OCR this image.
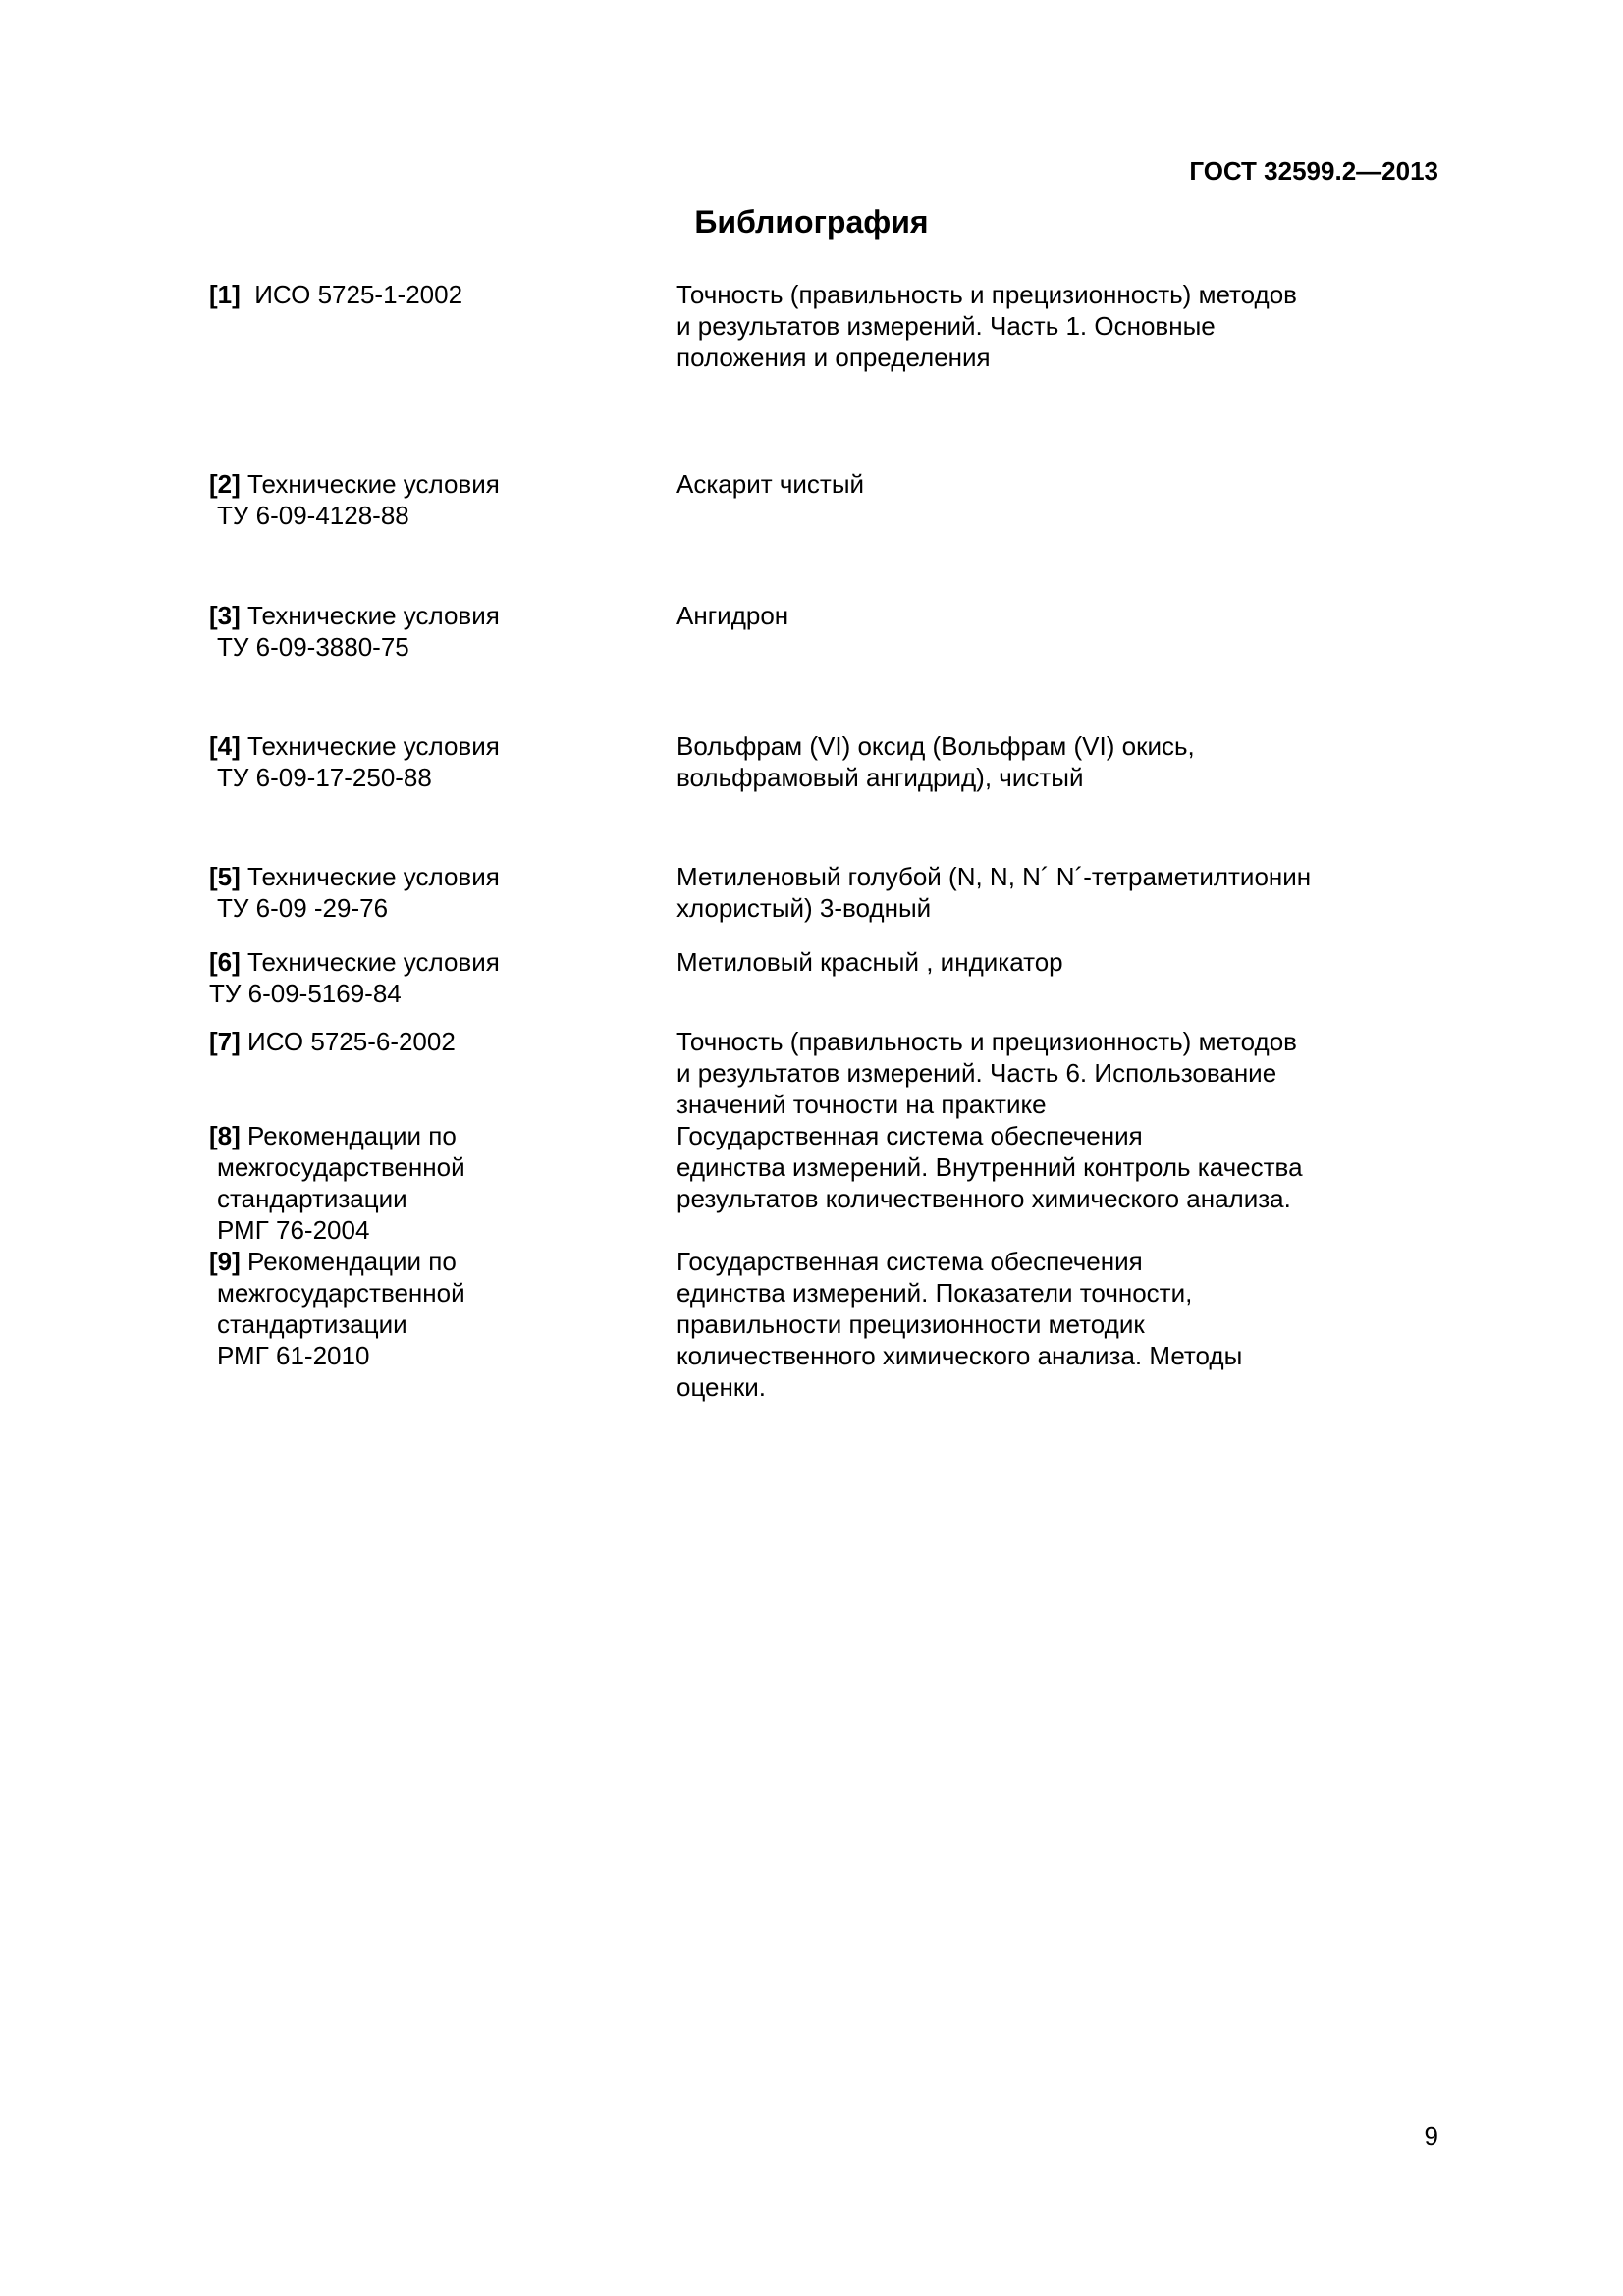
ГОСТ 32599.2—2013
Библиография
[1] ИСО 5725-1-2002	Точность (правильность и прецизионность) методов
и результатов измерений. Часть 1. Основные
положения и определения
[2] Технические условия
ТУ 6-09-4128-88
Аскарит чистый
[3] Технические условия
ТУ 6-09-3880-75
Ангидрон
[4] Технические условия
ТУ 6-09-17-250-88
Вольфрам (VI) оксид (Вольфрам (VI) окись,
вольфрамовый ангидрид), чистый
[5] Технические условия
ТУ 6-09 -29-76
Метиленовый голубой (N, N, N´ N´-тетраметилтионин
хлористый) 3-водный
[6] Технические условия
ТУ 6-09-5169-84
Метиловый красный , индикатор
[7] ИСО 5725-6-2002	Точность (правильность и прецизионность) методов
и результатов измерений. Часть 6. Использование
значений точности на практике
[8] Рекомендации по
межгосударственной
стандартизации
РМГ 76-2004
Государственная система обеспечения
единства измерений. Внутренний контроль качества
результатов количественного химического анализа.
[9] Рекомендации по
межгосударственной
стандартизации
РМГ 61-2010
Государственная система обеспечения
единства измерений. Показатели точности,
правильности прецизионности методик
количественного химического анализа. Методы
оценки.
9
